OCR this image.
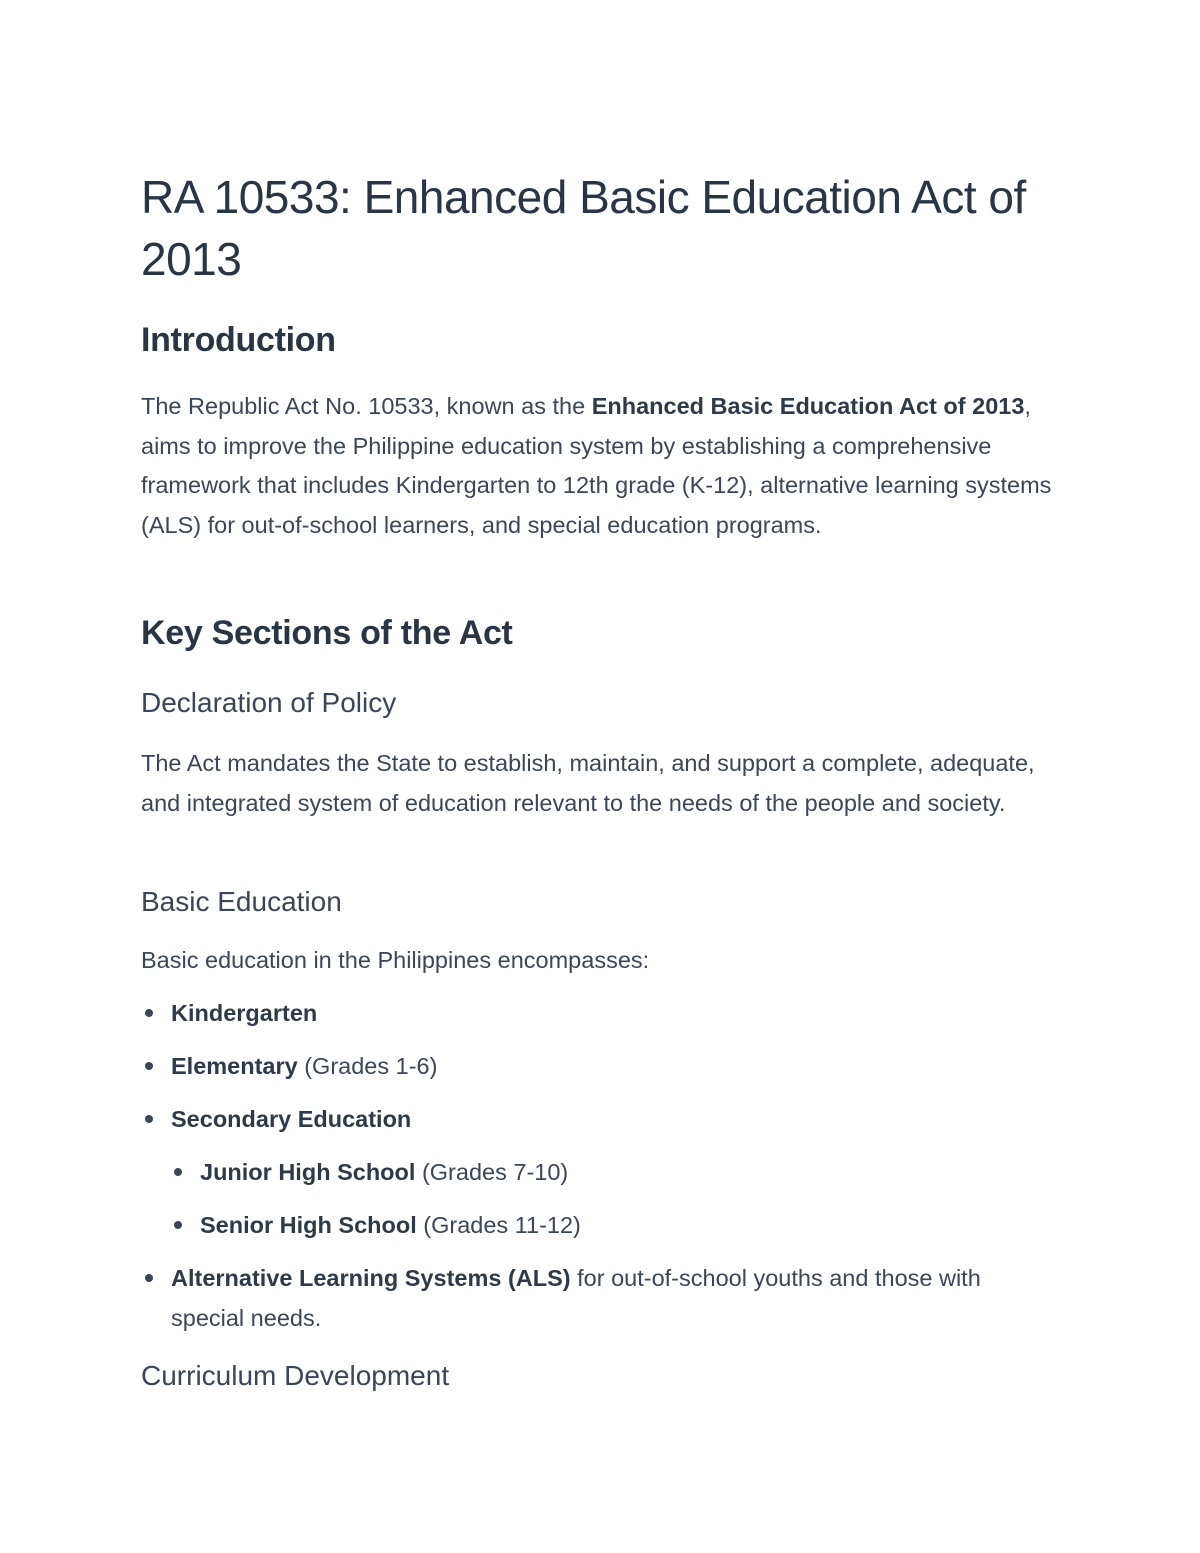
RA 10533: Enhanced Basic Education Act of 2013
Introduction

The Republic Act No. 10533, known as the Enhanced Basic Education Act of 2013, aims to improve the Philippine education system by establishing a comprehensive framework that includes Kindergarten to 12th grade (K-12), alternative learning systems (ALS) for out-of-school learners, and special education programs.

Key Sections of the Act
Declaration of Policy

The Act mandates the State to establish, maintain, and support a complete, adequate, and integrated system of education relevant to the needs of the people and society.

Basic Education

Basic education in the Philippines encompasses:

Kindergarten
Elementary (Grades 1-6)
Secondary Education
Junior High School (Grades 7-10)
Senior High School (Grades 11-12)
Alternative Learning Systems (ALS) for out-of-school youths and those with special needs.
Curriculum Development
